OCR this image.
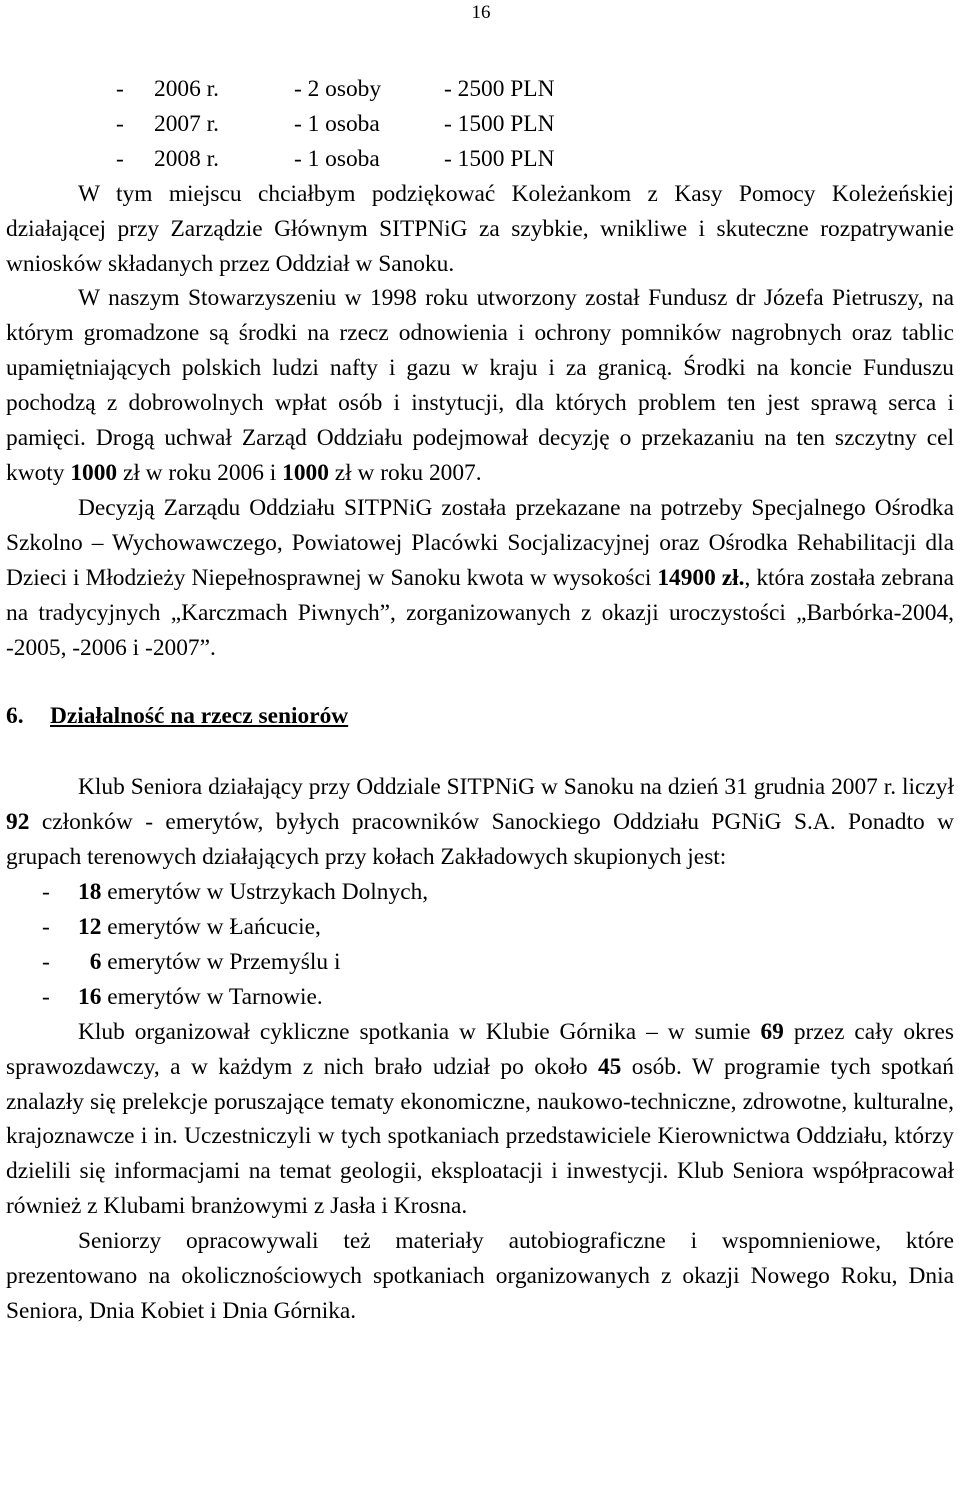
16
- 2006 r.	- 2 osoby	- 2500 PLN
- 2007 r.	- 1 osoba	- 1500 PLN
- 2008 r.	- 1 osoba	- 1500 PLN

W tym miejscu chciałbym podziękować Koleżankom z Kasy Pomocy Koleżeńskiej działającej przy Zarządzie Głównym SITPNiG za szybkie, wnikliwe i skuteczne rozpatrywanie wniosków składanych przez Oddział w Sanoku.

W naszym Stowarzyszeniu w 1998 roku utworzony został Fundusz dr Józefa Pietruszy, na którym gromadzone są środki na rzecz odnowienia i ochrony pomników nagrobnych oraz tablic upamiętniających polskich ludzi nafty i gazu w kraju i za granicą. Środki na koncie Funduszu pochodzą z dobrowolnych wpłat osób i instytucji, dla których problem ten jest sprawą serca i pamięci. Drogą uchwał Zarząd Oddziału podejmował decyzję o przekazaniu na ten szczytny cel kwoty 1000 zł w roku 2006 i 1000 zł w roku 2007.

Decyzją Zarządu Oddziału SITPNiG została przekazane na potrzeby Specjalnego Ośrodka Szkolno – Wychowawczego, Powiatowej Placówki Socjalizacyjnej oraz Ośrodka Rehabilitacji dla Dzieci i Młodzieży Niepełnosprawnej w Sanoku kwota w wysokości 14900 zł., która została zebrana na tradycyjnych „Karczmach Piwnych”, zorganizowanych z okazji uroczystości „Barbórka-2004, -2005, -2006 i -2007”.

6. Działalność na rzecz seniorów

Klub Seniora działający przy Oddziale SITPNiG w Sanoku na dzień 31 grudnia 2007 r. liczył 92 członków - emerytów, byłych pracowników Sanockiego Oddziału PGNiG S.A. Ponadto w grupach terenowych działających przy kołach Zakładowych skupionych jest:

- 18 emerytów w Ustrzykach Dolnych,
- 12 emerytów w Łańcucie,
-  6 emerytów w Przemyślu i
- 16 emerytów w Tarnowie.

Klub organizował cykliczne spotkania w Klubie Górnika – w sumie 69 przez cały okres sprawozdawczy, a w każdym z nich brało udział po około 45 osób. W programie tych spotkań znalazły się prelekcje poruszające tematy ekonomiczne, naukowo-techniczne, zdrowotne, kulturalne, krajoznawcze i in. Uczestniczyli w tych spotkaniach przedstawiciele Kierownictwa Oddziału, którzy dzielili się informacjami na temat geologii, eksploatacji i inwestycji. Klub Seniora współpracował również z Klubami branżowymi z Jasła i Krosna.

Seniorzy opracowywali też materiały autobiograficzne i wspomnieniowe, które prezentowano na okolicznościowych spotkaniach organizowanych z okazji Nowego Roku, Dnia Seniora, Dnia Kobiet i Dnia Górnika.
